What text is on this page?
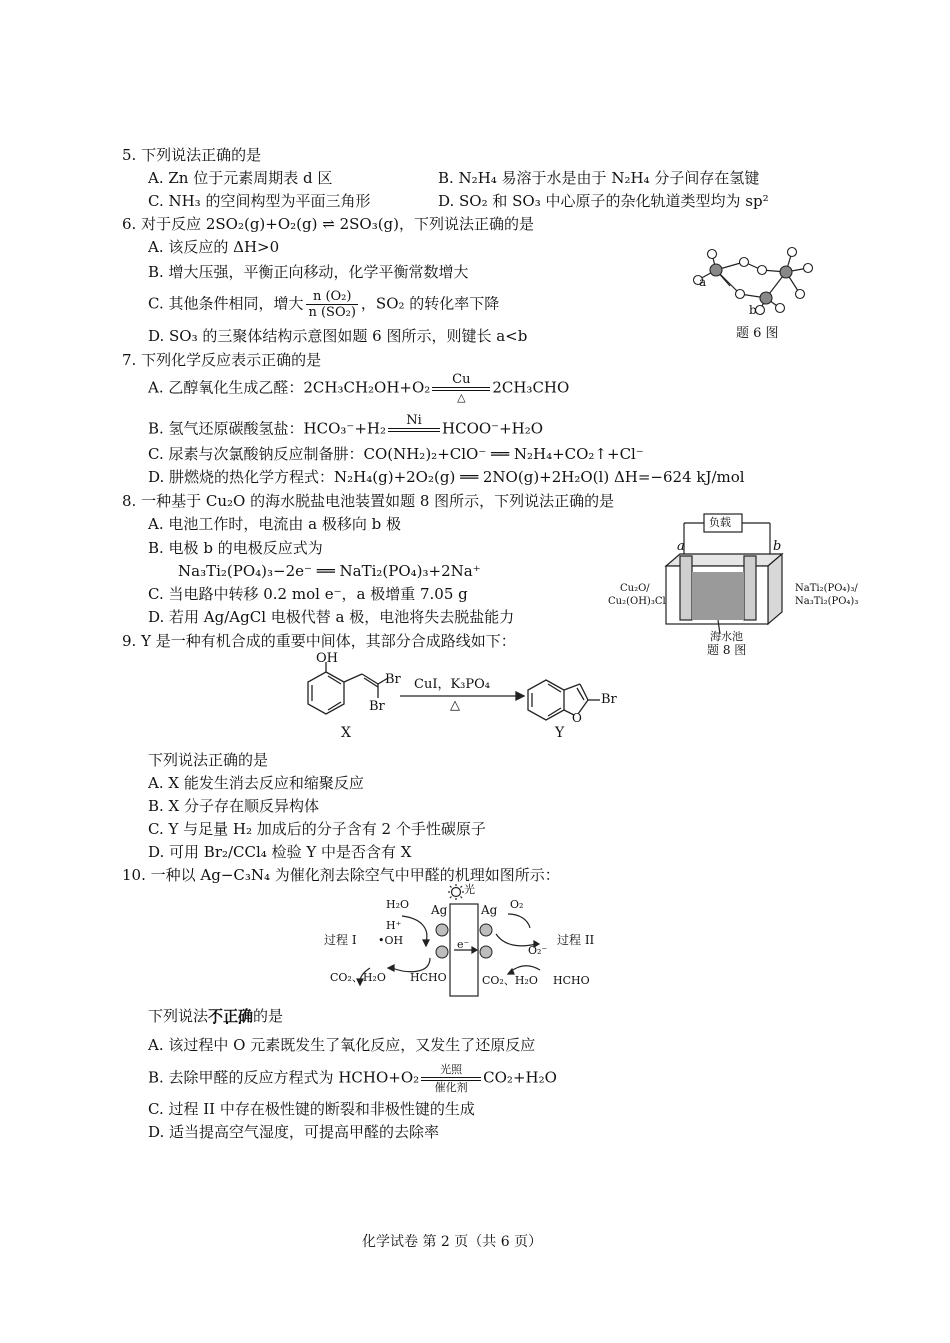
5. 下列说法正确的是
A. Zn 位于元素周期表 d 区	B. N₂H₄ 易溶于水是由于 N₂H₄ 分子间存在氢键
C. NH₃ 的空间构型为平面三角形	D. SO₂ 和 SO₃ 中心原子的杂化轨道类型均为 sp²
6. 对于反应 2SO₂(g)+O₂(g) ⇌ 2SO₃(g)，下列说法正确的是
A. 该反应的 ΔH>0
B. 增大压强，平衡正向移动，化学平衡常数增大
C. 其他条件相同，增大 $\frac{\text{n (O₂)}}{\text{n (SO₂)}}$ ，SO₂ 的转化率下降
D. SO₃ 的三聚体结构示意图如题 6 图所示，则键长 a<b
a
b
题 6 图
7. 下列化学反应表示正确的是
A. 乙醇氧化生成乙醛：2CH₃CH₂OH+O₂	Cu
△
2CH₃CHO
B. 氢气还原碳酸氢盐：HCO₃⁻+H₂	Ni
	HCOO⁻+H₂O
C. 尿素与次氯酸钠反应制备肼：CO(NH₂)₂+ClO⁻ ══ N₂H₄+CO₂↑+Cl⁻
D. 肼燃烧的热化学方程式：N₂H₄(g)+2O₂(g) ══ 2NO(g)+2H₂O(l) ΔH=−624 kJ/mol
8. 一种基于 Cu₂O 的海水脱盐电池装置如题 8 图所示，下列说法正确的是
A. 电池工作时，电流由 a 极移向 b 极
B. 电极 b 的电极反应式为
Na₃Ti₂(PO₄)₃−2e⁻ ══ NaTi₂(PO₄)₃+2Na⁺
C. 当电路中转移 0.2 mol e⁻，a 极增重 7.05 g
D. 若用 Ag/AgCl 电极代替 a 极，电池将失去脱盐能力
负载
a	b
Cu₂O/
Cu₂(OH)₃Cl
NaTi₂(PO₄)₃/
Na₃Ti₂(PO₄)₃
海水池
题 8 图
9. Y 是一种有机合成的重要中间体，其部分合成路线如下：
OH
Br
Br
CuI，K₃PO₄
△
O
Br
X	Y
下列说法正确的是
A. X 能发生消去反应和缩聚反应
B. X 分子存在顺反异构体
C. Y 与足量 H₂ 加成后的分子含有 2 个手性碳原子
D. 可用 Br₂/CCl₄ 检验 Y 中是否含有 X
10. 一种以 Ag−C₃N₄ 为催化剂去除空气中甲醛的机理如图所示：
光
H₂O Ag	Ag O₂
H⁺
•OH	e⁻	O₂⁻
过程 I	过程 II
CO₂、H₂O HCHO	CO₂、H₂O HCHO
下列说法不正确 · · ·的是
A. 该过程中 O 元素既发生了氧化反应，又发生了还原反应
B. 去除甲醛的反应方程式为 HCHO+O₂	光照
催化剂
CO₂+H₂O
C. 过程 II 中存在极性键的断裂和非极性键的生成
D. 适当提高空气湿度，可提高甲醛的去除率
化学试卷 第 2 页（共 6 页）
